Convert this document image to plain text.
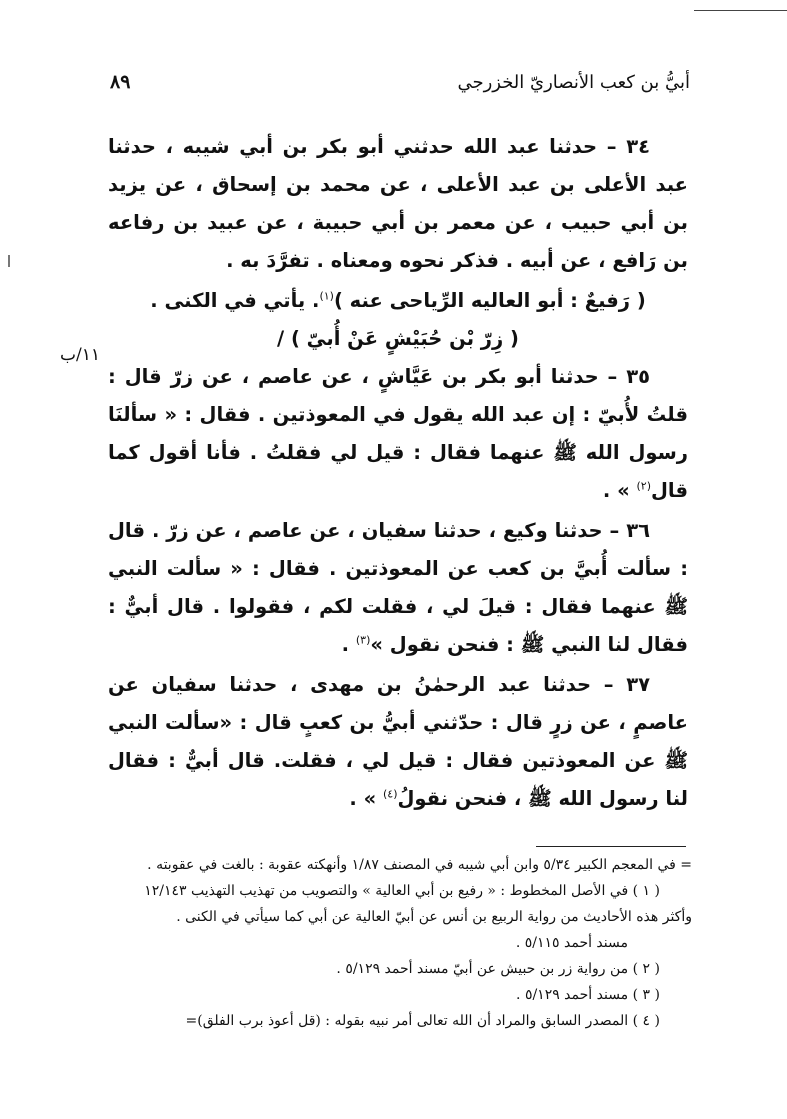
أبيُّ بن كعب الأنصاريّ الخزرجي
٨٩
١١/ب

٣٤ – حدثنا عبد الله حدثني أبو بكر بن أبي شيبه ، حدثنا عبد الأعلى بن عبد الأعلى ، عن محمد بن إسحاق ، عن يزيد بن أبي حبيب ، عن معمر بن أبي حبيبة ، عن عبيد بن رفاعه بن رَافع ، عن أبيه . فذكر نحوه ومعناه . تفرَّدَ به .

( رَفيعٌ : أبو العاليه الرِّياحى عنه )$^{(١)}$. يأتي في الكنى .

( زِرّ بْن حُبَيْشٍ عَنْ أُبيّ ) /

٣٥ – حدثنا أبو بكر بن عَيَّاشٍ ، عن عاصم ، عن زرّ قال : قلتُ لأُبيّ : إن عبد الله يقول في المعوذتين . فقال : « سألنَا رسول الله ﷺ عنهما فقال : قيل لي فقلتُ . فأنا أقول كما قال$^{(٢)}$ » .

٣٦ – حدثنا وكيع ، حدثنا سفيان ، عن عاصم ، عن زرّ . قال : سألت أُبيَّ بن كعب عن المعوذتين . فقال : « سألت النبي ﷺ عنهما فقال : قيلَ لي ، فقلت لكم ، فقولوا . قال أبيٌّ : فقال لنا النبي ﷺ : فنحن نقول »$^{(٣)}$ .

٣٧ – حدثنا عبد الرحمٰنُ بن مهدى ، حدثنا سفيان عن عاصمٍ ، عن زرٍ قال : حدّثني أبيُّ بن كعبٍ قال : «سألت النبي ﷺ عن المعوذتين فقال : قيل لي ، فقلت. قال أبيٌّ : فقال لنا رسول الله ﷺ ، فنحن نقولُ$^{(٤)}$ » .

= في المعجم الكبير ٥/٣٤ وابن أبي شيبه في المصنف ١/٨٧ وأنهكته عقوبة : بالغت في عقوبته .

( ١ ) في الأصل المخطوط : « رفيع بن أبي العالية » والتصويب من تهذيب التهذيب ١٢/١٤٣

وأكثر هذه الأحاديث من رواية الربيع بن أنس عن أبيّ العالية عن أبي كما سيأتي في الكنى .

مسند أحمد ٥/١١٥ .

( ٢ ) من رواية زر بن حبيش عن أبيّ مسند أحمد ٥/١٢٩ .

( ٣ ) مسند أحمد ٥/١٢٩ .

( ٤ ) المصدر السابق والمراد أن الله تعالى أمر نبيه بقوله : (قل أعوذ برب الفلق)=
